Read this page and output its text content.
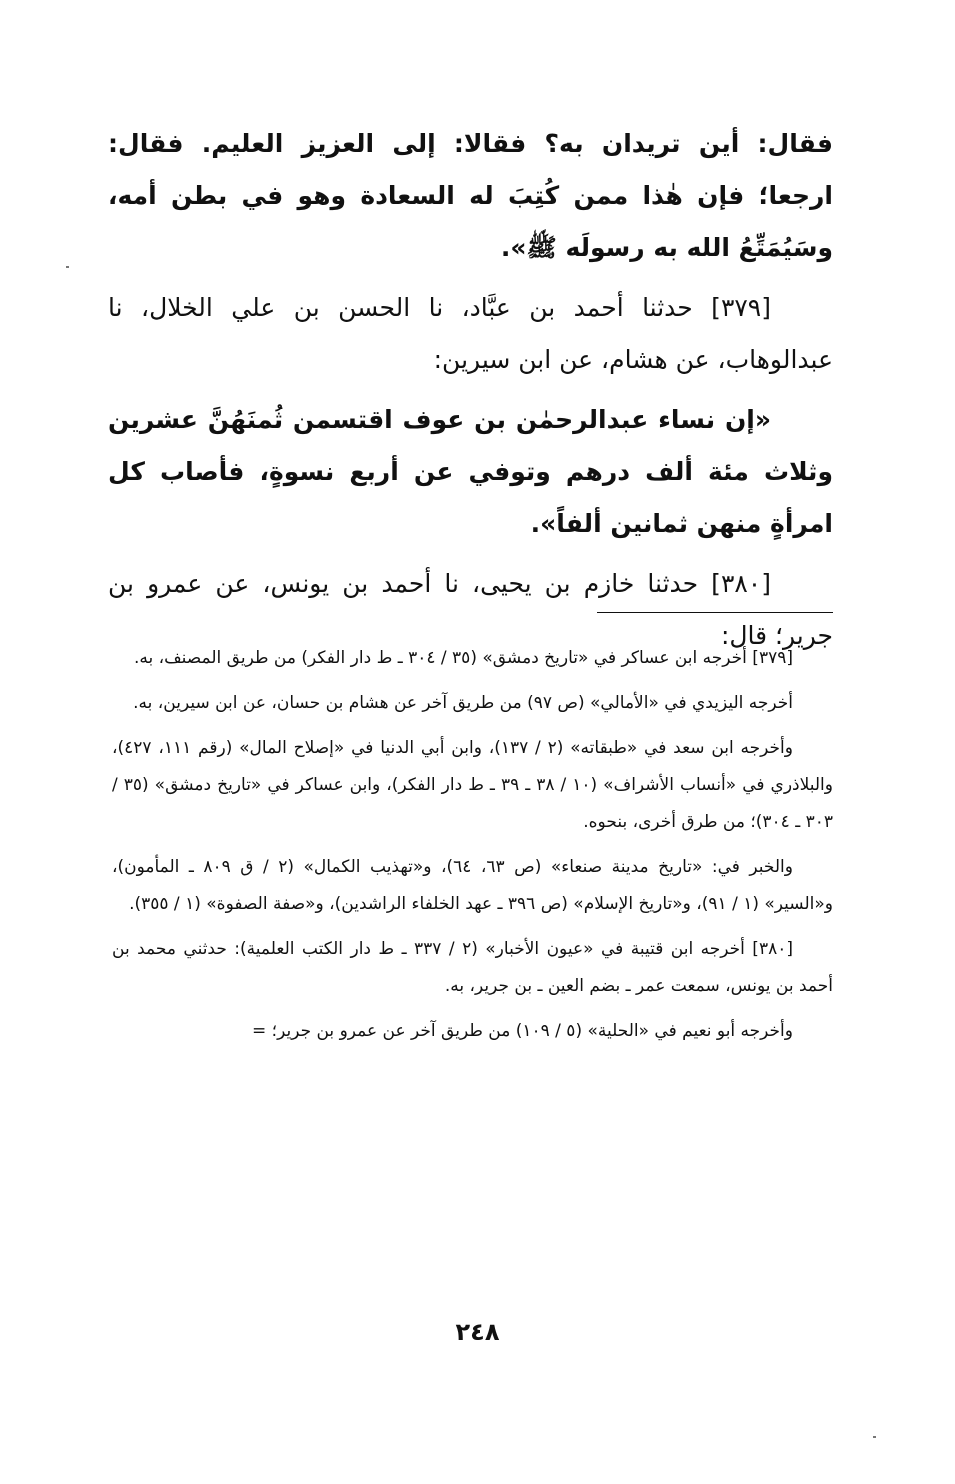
فقال: أين تريدان به؟ فقالا: إلى العزيز العليم. فقال: ارجعا؛ فإن هٰذا ممن كُتِبَ له السعادة وهو في بطن أمه، وسَيُمَتِّعُ الله به رسولَه ﷺ».

[٣٧٩] حدثنا أحمد بن عبَّاد، نا الحسن بن علي الخلال، نا عبدالوهاب، عن هشام، عن ابن سيرين:

«إن نساء عبدالرحمٰن بن عوف اقتسمن ثُمنَهُنَّ عشرين وثلاث مئة ألف درهم وتوفي عن أربع نسوةٍ، فأصاب كل امرأةٍ منهن ثمانين ألفاً».

[٣٨٠] حدثنا خازم بن يحيى، نا أحمد بن يونس، عن عمرو بن جرير؛ قال:

[٣٧٩] أخرجه ابن عساكر في «تاريخ دمشق» (٣٥ / ٣٠٤ ـ ط دار الفكر) من طريق المصنف، به.

أخرجه اليزيدي في «الأمالي» (ص ٩٧) من طريق آخر عن هشام بن حسان، عن ابن سيرين، به.

وأخرجه ابن سعد في «طبقاته» (٢ / ١٣٧)، وابن أبي الدنيا في «إصلاح المال» (رقم ١١١، ٤٢٧)، والبلاذري في «أنساب الأشراف» (١٠ / ٣٨ ـ ٣٩ ـ ط دار الفكر)، وابن عساكر في «تاريخ دمشق» (٣٥ / ٣٠٣ ـ ٣٠٤)؛ من طرق أخرى، بنحوه.

والخبر في: «تاريخ مدينة صنعاء» (ص ٦٣، ٦٤)، و«تهذيب الكمال» (٢ / ق ٨٠٩ ـ المأمون)، و«السير» (١ / ٩١)، و«تاريخ الإسلام» (ص ٣٩٦ ـ عهد الخلفاء الراشدين)، و«صفة الصفوة» (١ / ٣٥٥).

[٣٨٠] أخرجه ابن قتيبة في «عيون الأخبار» (٢ / ٣٣٧ ـ ط دار الكتب العلمية): حدثني محمد بن أحمد بن يونس، سمعت عمر ـ بضم العين ـ بن جرير، به.

وأخرجه أبو نعيم في «الحلية» (٥ / ١٠٩) من طريق آخر عن عمرو بن جرير؛ =

٢٤٨
